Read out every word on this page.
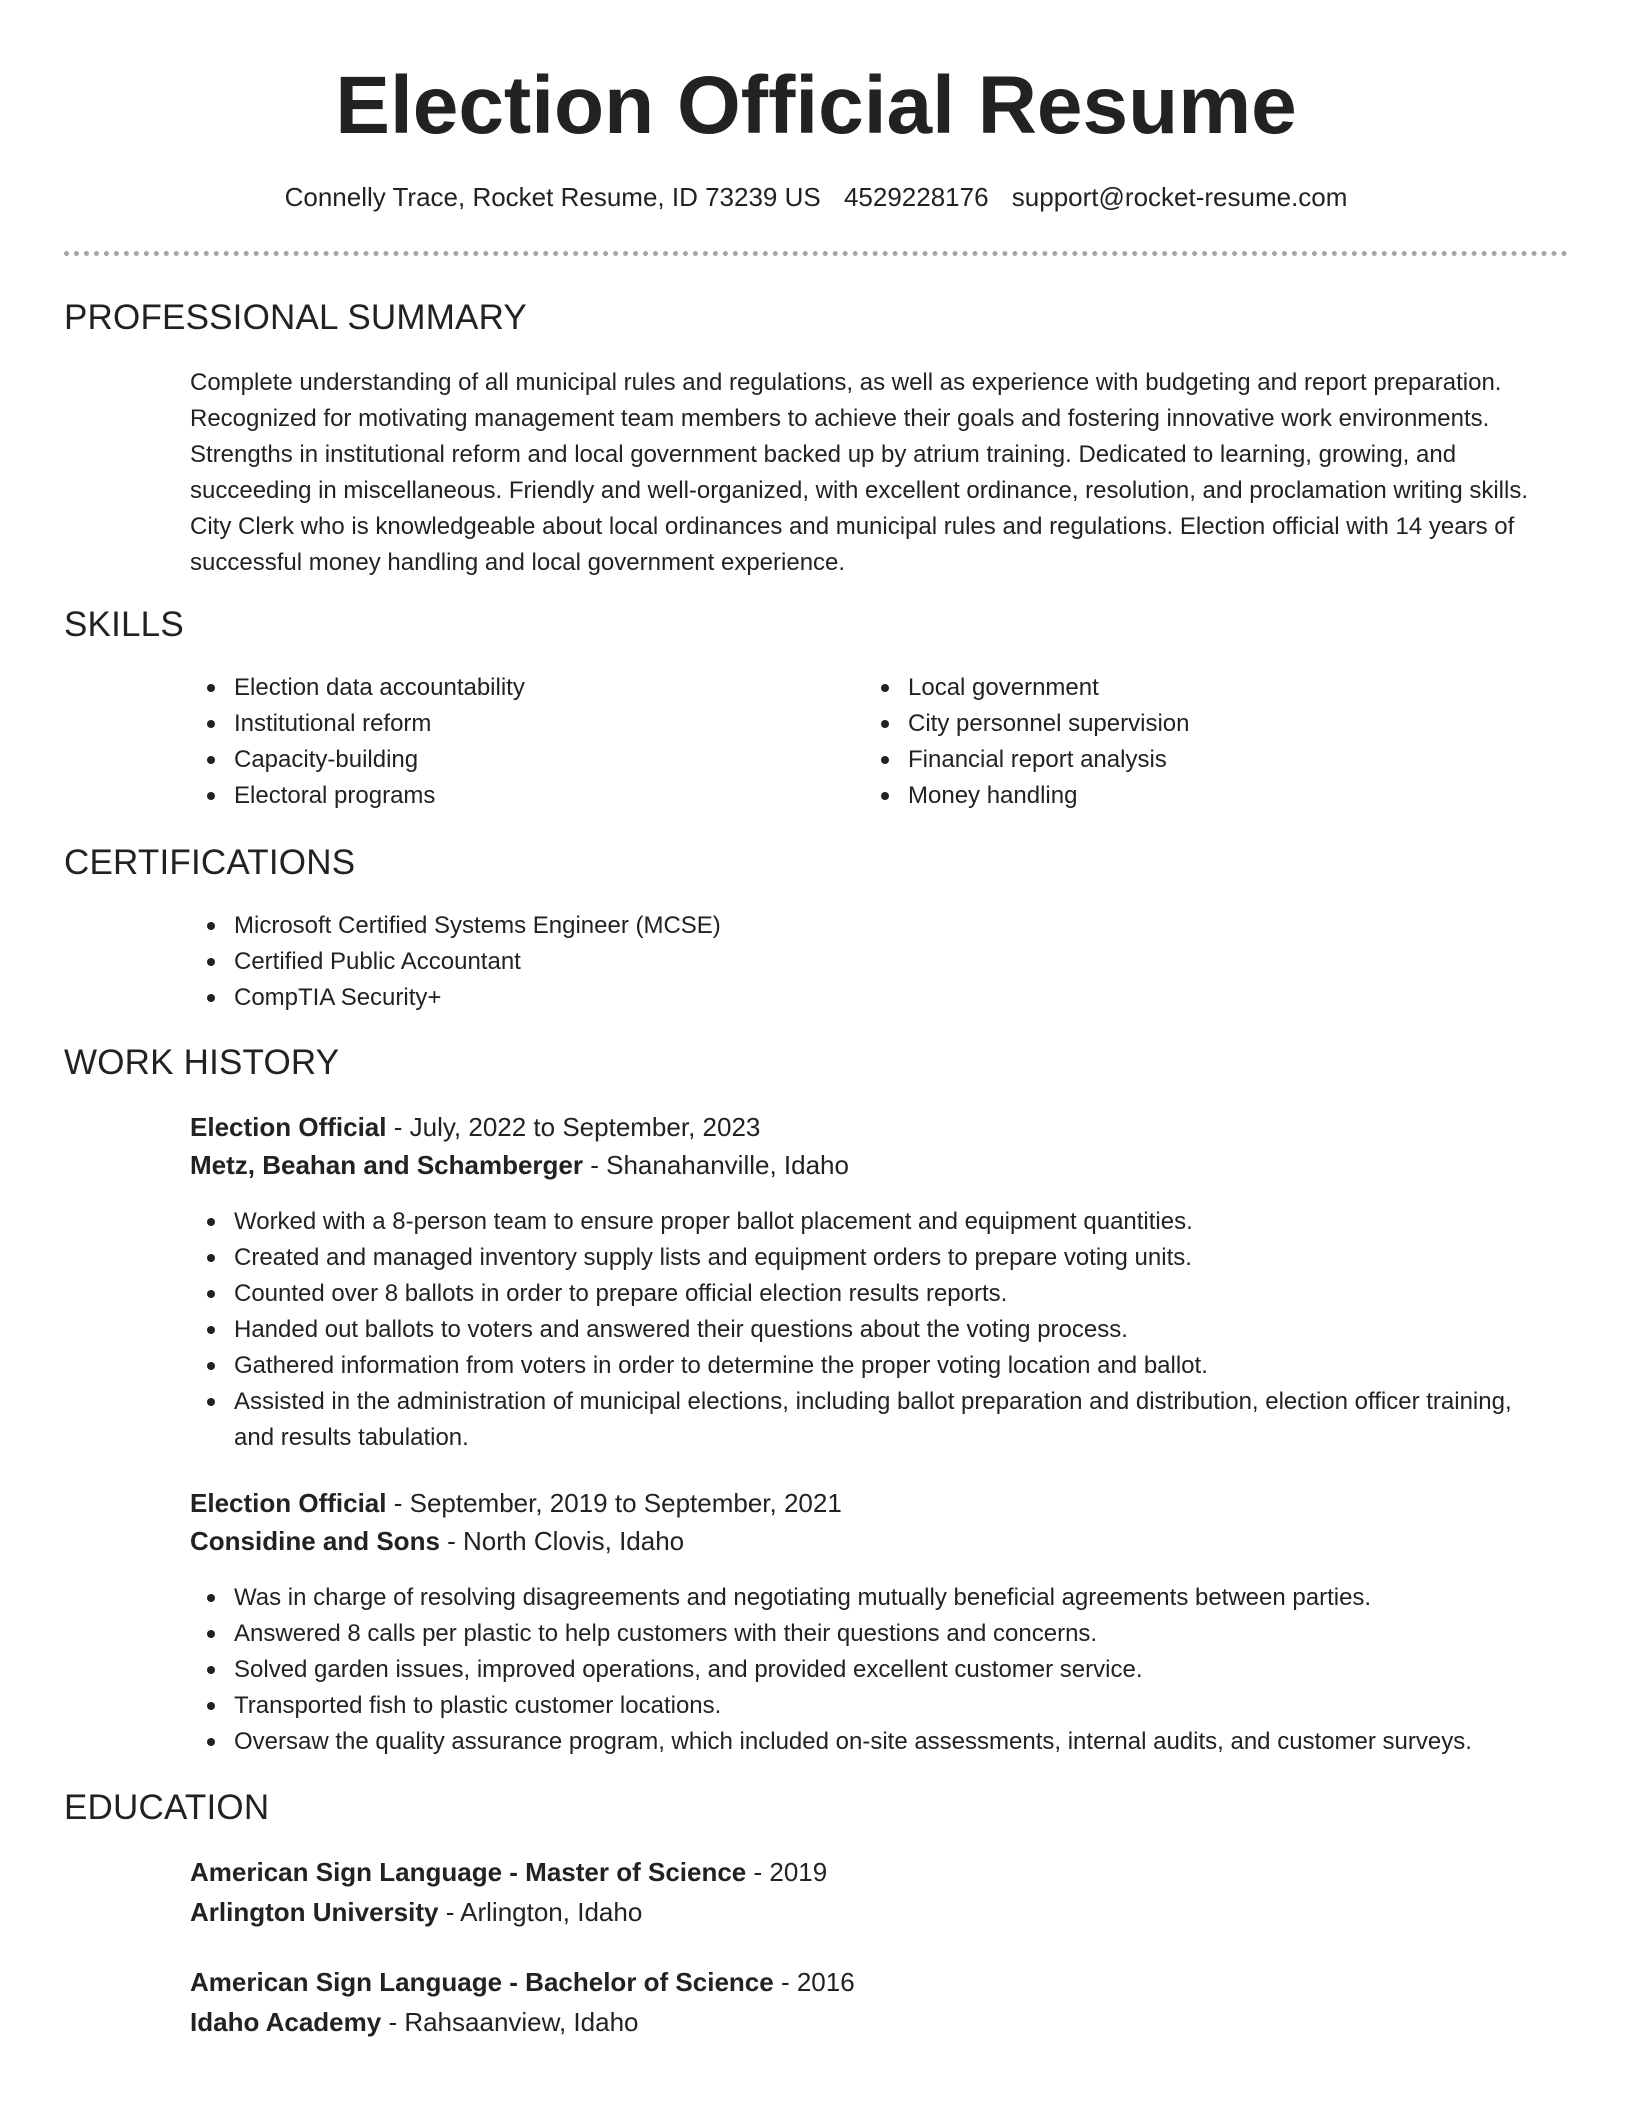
Election Official Resume
Connelly Trace, Rocket Resume, ID 73239 US 4529228176 support@rocket-resume.com
PROFESSIONAL SUMMARY

Complete understanding of all municipal rules and regulations, as well as experience with budgeting and report preparation. Recognized for motivating management team members to achieve their goals and fostering innovative work environments. Strengths in institutional reform and local government backed up by atrium training. Dedicated to learning, growing, and succeeding in miscellaneous. Friendly and well-organized, with excellent ordinance, resolution, and proclamation writing skills. City Clerk who is knowledgeable about local ordinances and municipal rules and regulations. Election official with 14 years of successful money handling and local government experience.

SKILLS
Election data accountability
Institutional reform
Capacity-building
Electoral programs
Local government
City personnel supervision
Financial report analysis
Money handling
CERTIFICATIONS
Microsoft Certified Systems Engineer (MCSE)
Certified Public Accountant
CompTIA Security+
WORK HISTORY
Election Official - July, 2022 to September, 2023
Metz, Beahan and Schamberger - Shanahanville, Idaho
Worked with a 8-person team to ensure proper ballot placement and equipment quantities.
Created and managed inventory supply lists and equipment orders to prepare voting units.
Counted over 8 ballots in order to prepare official election results reports.
Handed out ballots to voters and answered their questions about the voting process.
Gathered information from voters in order to determine the proper voting location and ballot.
Assisted in the administration of municipal elections, including ballot preparation and distribution, election officer training, and results tabulation.
Election Official - September, 2019 to September, 2021
Considine and Sons - North Clovis, Idaho
Was in charge of resolving disagreements and negotiating mutually beneficial agreements between parties.
Answered 8 calls per plastic to help customers with their questions and concerns.
Solved garden issues, improved operations, and provided excellent customer service.
Transported fish to plastic customer locations.
Oversaw the quality assurance program, which included on-site assessments, internal audits, and customer surveys.
EDUCATION
American Sign Language - Master of Science - 2019
Arlington University - Arlington, Idaho
American Sign Language - Bachelor of Science - 2016
Idaho Academy - Rahsaanview, Idaho
